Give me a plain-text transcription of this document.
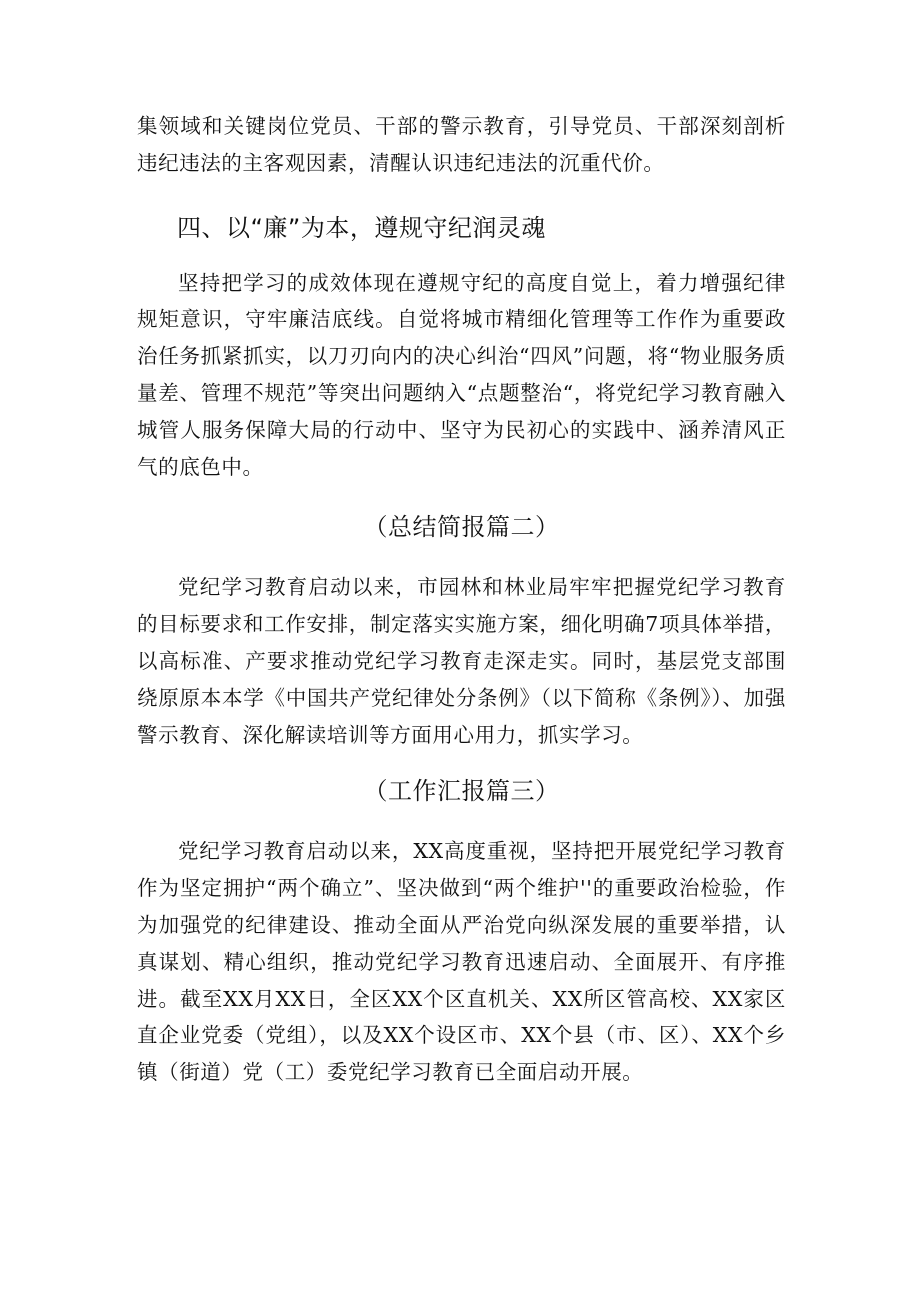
集领域和关键岗位党员、干部的警示教育，引导党员、干部深刻剖析违纪违法的主客观因素，清醒认识违纪违法的沉重代价。

四、以“廉”为本，遵规守纪润灵魂

坚持把学习的成效体现在遵规守纪的高度自觉上，着力增强纪律规矩意识，守牢廉洁底线。自觉将城市精细化管理等工作作为重要政治任务抓紧抓实，以刀刃向内的决心纠治“四风”问题，将“物业服务质量差、管理不规范”等突出问题纳入“点题整治“，将党纪学习教育融入城管人服务保障大局的行动中、坚守为民初心的实践中、涵养清风正气的底色中。

（总结简报篇二）

党纪学习教育启动以来，市园林和林业局牢牢把握党纪学习教育的目标要求和工作安排，制定落实实施方案，细化明确7项具体举措，以高标准、产要求推动党纪学习教育走深走实。同时，基层党支部围绕原原本本学《中国共产党纪律处分条例》（以下简称《条例》）、加强警示教育、深化解读培训等方面用心用力，抓实学习。

（工作汇报篇三）

党纪学习教育启动以来，XX高度重视，坚持把开展党纪学习教育作为坚定拥护“两个确立”、坚决做到“两个维护''的重要政治检验，作为加强党的纪律建设、推动全面从严治党向纵深发展的重要举措，认真谋划、精心组织，推动党纪学习教育迅速启动、全面展开、有序推进。截至XX月XX日，全区XX个区直机关、XX所区管高校、XX家区直企业党委（党组），以及XX个设区市、XX个县（市、区）、XX个乡镇（街道）党（工）委党纪学习教育已全面启动开展。
